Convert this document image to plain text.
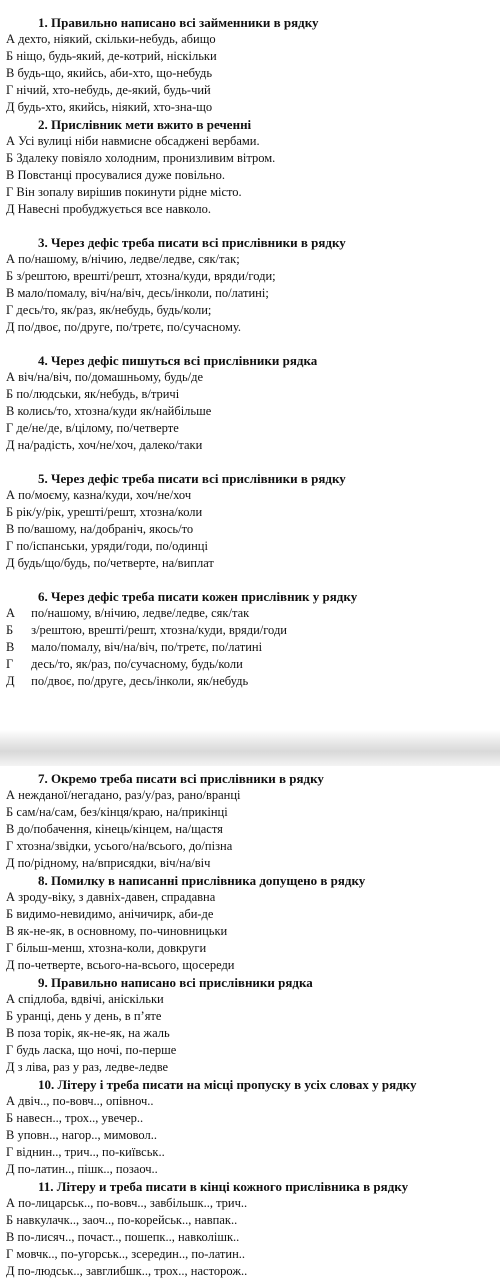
1. Правильно написано всі займенники в рядку
А дехто, ніякий, скільки-небудь, абищо
Б ніщо, будь-який, де-котрий, ніскільки
В будь-що, якийсь, аби-хто, що-небудь
Г нічий, хто-небудь, де-який, будь-чий
Д будь-хто, якийсь, ніякий, хто-зна-що
2. Прислівник мети вжито в реченні
А Усі вулиці ніби навмисне обсаджені вербами.
Б Здалеку повіяло холодним, пронизливим вітром.
В Повстанці просувалися дуже повільно.
Г Він зопалу вирішив покинути рідне місто.
Д Навесні пробуджується все навколо.
3. Через дефіс треба писати всі прислівники в рядку
А по/нашому, в/нічию, ледве/ледве, сяк/так;
Б з/рештою, врешті/решт, хтозна/куди, вряди/годи;
В мало/помалу, віч/на/віч, десь/інколи, по/латині;
Г десь/то, як/раз, як/небудь, будь/коли;
Д по/двоє, по/друге, по/третє, по/сучасному.
4. Через дефіс пишуться всі прислівники рядка
А віч/на/віч, по/домашньому, будь/де
Б по/людськи, як/небудь, в/тричі
В колись/то, хтозна/куди як/найбільше
Г де/не/де, в/цілому, по/четверте
Д на/радість, хоч/не/хоч, далеко/таки
5. Через дефіс треба писати всі прислівники в рядку
А по/моєму, казна/куди, хоч/не/хоч
Б рік/у/рік, урешті/решт, хтозна/коли
В по/вашому, на/добраніч, якось/то
Г по/іспанськи, уряди/годи, по/одинці
Д будь/що/будь, по/четверте, на/виплат
6. Через дефіс треба писати кожен прислівник у рядку
А по/нашому, в/нічию, ледве/ледве, сяк/так
Б з/рештою, врешті/решт, хтозна/куди, вряди/годи
В мало/помалу, віч/на/віч, по/третє, по/латині
Г десь/то, як/раз, по/сучасному, будь/коли
Д по/двоє, по/друге, десь/інколи, як/небудь
7. Окремо треба писати всі прислівники в рядку
А нежданої/негадано, раз/у/раз, рано/вранці
Б сам/на/сам, без/кінця/краю, на/прикінці
В до/побачення, кінець/кінцем, на/щастя
Г хтозна/звідки, усього/на/всього, до/пізна
Д по/рідному, на/вприсядки, віч/на/віч
8. Помилку в написанні прислівника допущено в рядку
А зроду-віку, з давніх-давен, спрадавна
Б видимо-невидимо, анічичирк, аби-де
В як-не-як, в основному, по-чиновницьки
Г більш-менш, хтозна-коли, довкруги
Д по-четверте, всього-на-всього, щосереди
9. Правильно написано всі прислівники рядка
А спідлоба, вдвічі, аніскільки
Б уранці, день у день, в п’яте
В поза торік, як-не-як, на жаль
Г будь ласка, що ночі, по-перше
Д з ліва, раз у раз, ледве-ледве
10. Літеру і треба писати на місці пропуску в усіх словах у рядку
А двіч.., по-вовч.., опівноч..
Б навесн.., трох.., увечер..
В уповн.., нагор.., мимовол..
Г віднин.., трич.., по-київськ..
Д по-латин.., пішк.., позаоч..
11. Літеру и треба писати в кінці кожного прислівника в рядку
А по-лицарськ.., по-вовч.., завбільшк.., трич..
Б навкулачк.., заоч.., по-корейськ.., навпак..
В по-лисяч.., почаст.., пошепк.., навколішк..
Г мовчк.., по-угорськ.., зсередин.., по-латин..
Д по-людськ.., завглибшк.., трох.., насторож..
